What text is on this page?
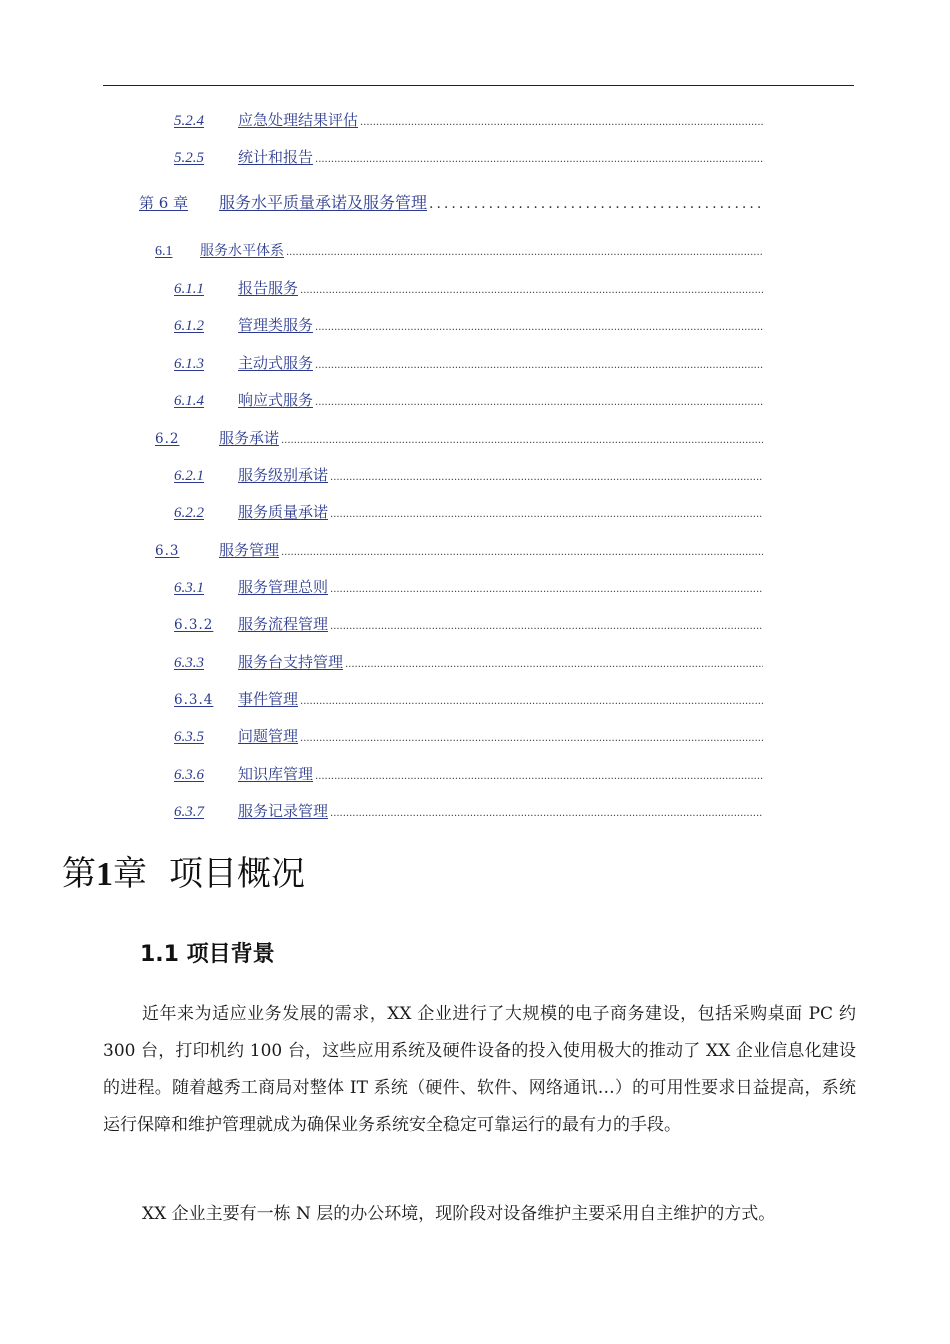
5.2.4	应急处理结果评估
.....
5.2.5	统计和报告
.....
第 6 章	服务水平质量承诺及服务管理
.....
6.1	服务水平体系
.....
6.1.1	报告服务
.....
6.1.2	管理类服务
.....
6.1.3	主动式服务
.....
6.1.4	响应式服务
.....
6.2	服务承诺
.....
6.2.1	服务级别承诺
.....
6.2.2	服务质量承诺
.....
6.3	服务管理
.....
6.3.1	服务管理总则
.....
6.3.2	服务流程管理
.....
6.3.3	服务台支持管理
.....
6.3.4	事件管理
.....
6.3.5	问题管理
.....
6.3.6	知识库管理
.....
6.3.7	服务记录管理
.....
第1章 项目概况
1.1 项目背景

近年来为适应业务发展的需求，XX 企业进行了大规模的电子商务建设，包括采购桌面 PC 约 300 台，打印机约 100 台，这些应用系统及硬件设备的投入使用极大的推动了 XX 企业信息化建设的进程。随着越秀工商局对整体 IT 系统（硬件、软件、网络通讯…）的可用性要求日益提高，系统运行保障和维护管理就成为确保业务系统安全稳定可靠运行的最有力的手段。

XX 企业主要有一栋 N 层的办公环境，现阶段对设备维护主要采用自主维护的方式。
